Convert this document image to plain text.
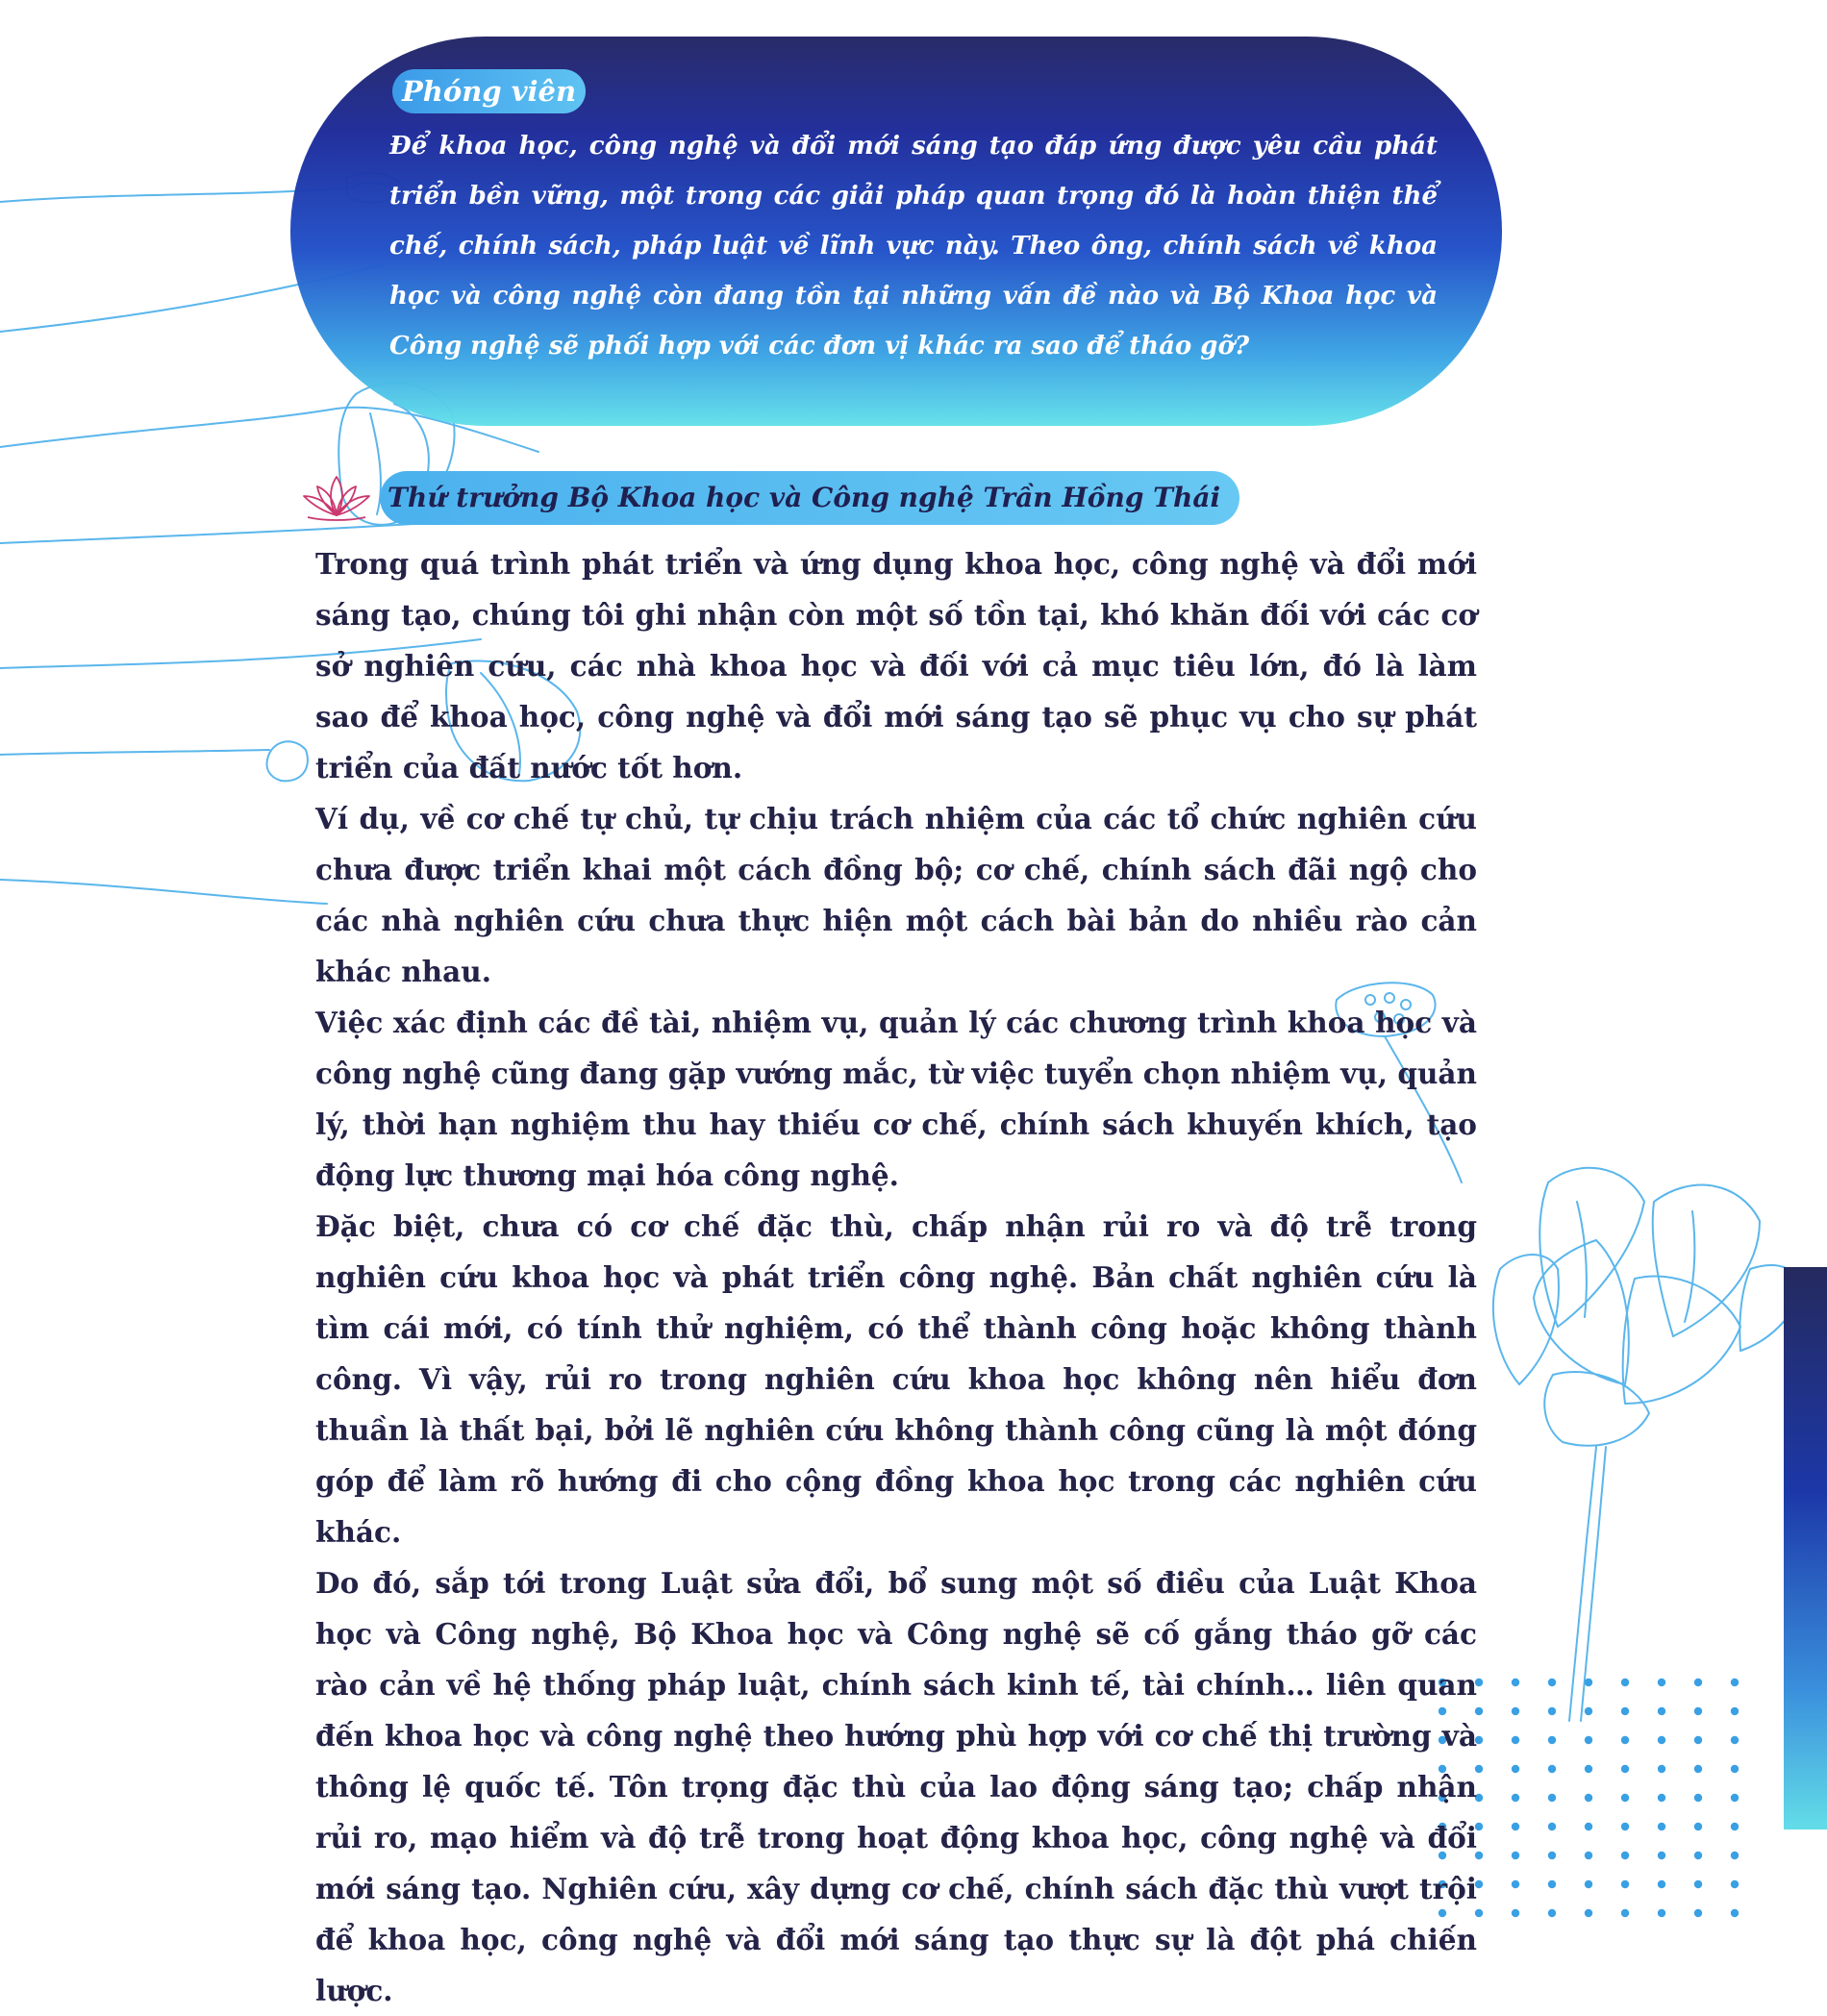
Phóng viên

Để khoa học, công nghệ và đổi mới sáng tạo đáp ứng được yêu cầu phát triển bền vững, một trong các giải pháp quan trọng đó là hoàn thiện thể chế, chính sách, pháp luật về lĩnh vực này. Theo ông, chính sách về khoa học và công nghệ còn đang tồn tại những vấn đề nào và Bộ Khoa học và Công nghệ sẽ phối hợp với các đơn vị khác ra sao để tháo gỡ?

Thứ trưởng Bộ Khoa học và Công nghệ Trần Hồng Thái

Trong quá trình phát triển và ứng dụng khoa học, công nghệ và đổi mới sáng tạo, chúng tôi ghi nhận còn một số tồn tại, khó khăn đối với các cơ sở nghiên cứu, các nhà khoa học và đối với cả mục tiêu lớn, đó là làm sao để khoa học, công nghệ và đổi mới sáng tạo sẽ phục vụ cho sự phát triển của đất nước tốt hơn.

Ví dụ, về cơ chế tự chủ, tự chịu trách nhiệm của các tổ chức nghiên cứu chưa được triển khai một cách đồng bộ; cơ chế, chính sách đãi ngộ cho các nhà nghiên cứu chưa thực hiện một cách bài bản do nhiều rào cản khác nhau.

Việc xác định các đề tài, nhiệm vụ, quản lý các chương trình khoa học và công nghệ cũng đang gặp vướng mắc, từ việc tuyển chọn nhiệm vụ, quản lý, thời hạn nghiệm thu hay thiếu cơ chế, chính sách khuyến khích, tạo động lực thương mại hóa công nghệ.

Đặc biệt, chưa có cơ chế đặc thù, chấp nhận rủi ro và độ trễ trong nghiên cứu khoa học và phát triển công nghệ. Bản chất nghiên cứu là tìm cái mới, có tính thử nghiệm, có thể thành công hoặc không thành công. Vì vậy, rủi ro trong nghiên cứu khoa học không nên hiểu đơn thuần là thất bại, bởi lẽ nghiên cứu không thành công cũng là một đóng góp để làm rõ hướng đi cho cộng đồng khoa học trong các nghiên cứu khác.

Do đó, sắp tới trong Luật sửa đổi, bổ sung một số điều của Luật Khoa học và Công nghệ, Bộ Khoa học và Công nghệ sẽ cố gắng tháo gỡ các rào cản về hệ thống pháp luật, chính sách kinh tế, tài chính… liên quan đến khoa học và công nghệ theo hướng phù hợp với cơ chế thị trường và thông lệ quốc tế. Tôn trọng đặc thù của lao động sáng tạo; chấp nhận rủi ro, mạo hiểm và độ trễ trong hoạt động khoa học, công nghệ và đổi mới sáng tạo. Nghiên cứu, xây dựng cơ chế, chính sách đặc thù vượt trội để khoa học, công nghệ và đổi mới sáng tạo thực sự là đột phá chiến lược.
